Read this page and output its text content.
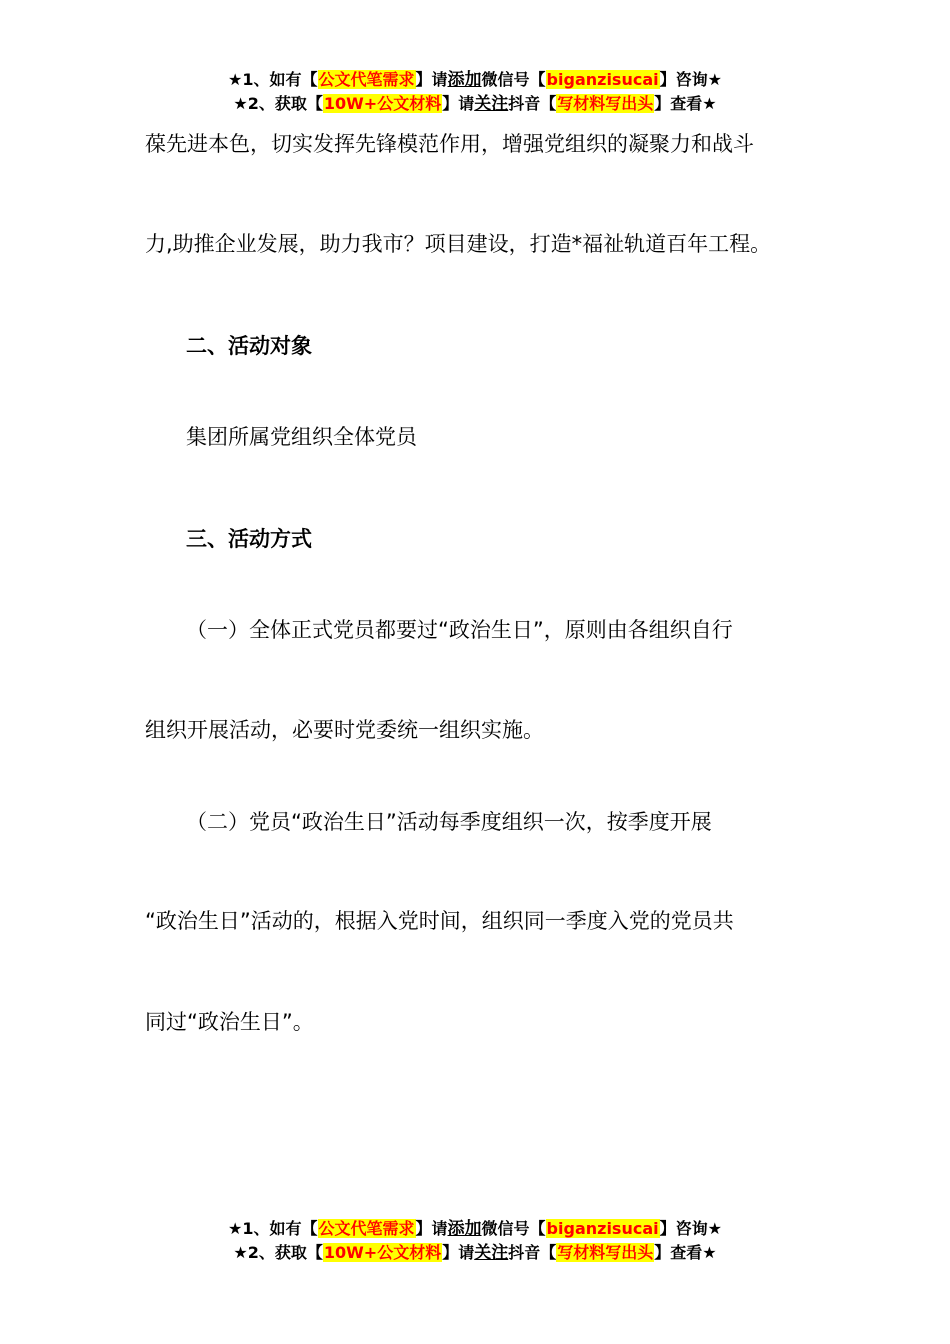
★1、如有【公文代笔需求】请添加微信号【biganzisucai】咨询★
★2、获取【10W+公文材料】请关注抖音【写材料写出头】查看★
葆先进本色，切实发挥先锋模范作用，增强党组织的凝聚力和战斗
力,助推企业发展，助力我市？项目建设，打造*福祉轨道百年工程。
二、活动对象
集团所属党组织全体党员
三、活动方式
（一）全体正式党员都要过“政治生日”，原则由各组织自行
组织开展活动，必要时党委统一组织实施。
（二）党员“政治生日”活动每季度组织一次，按季度开展
“政治生日”活动的，根据入党时间，组织同一季度入党的党员共
同过“政治生日”。
★1、如有【公文代笔需求】请添加微信号【biganzisucai】咨询★
★2、获取【10W+公文材料】请关注抖音【写材料写出头】查看★
